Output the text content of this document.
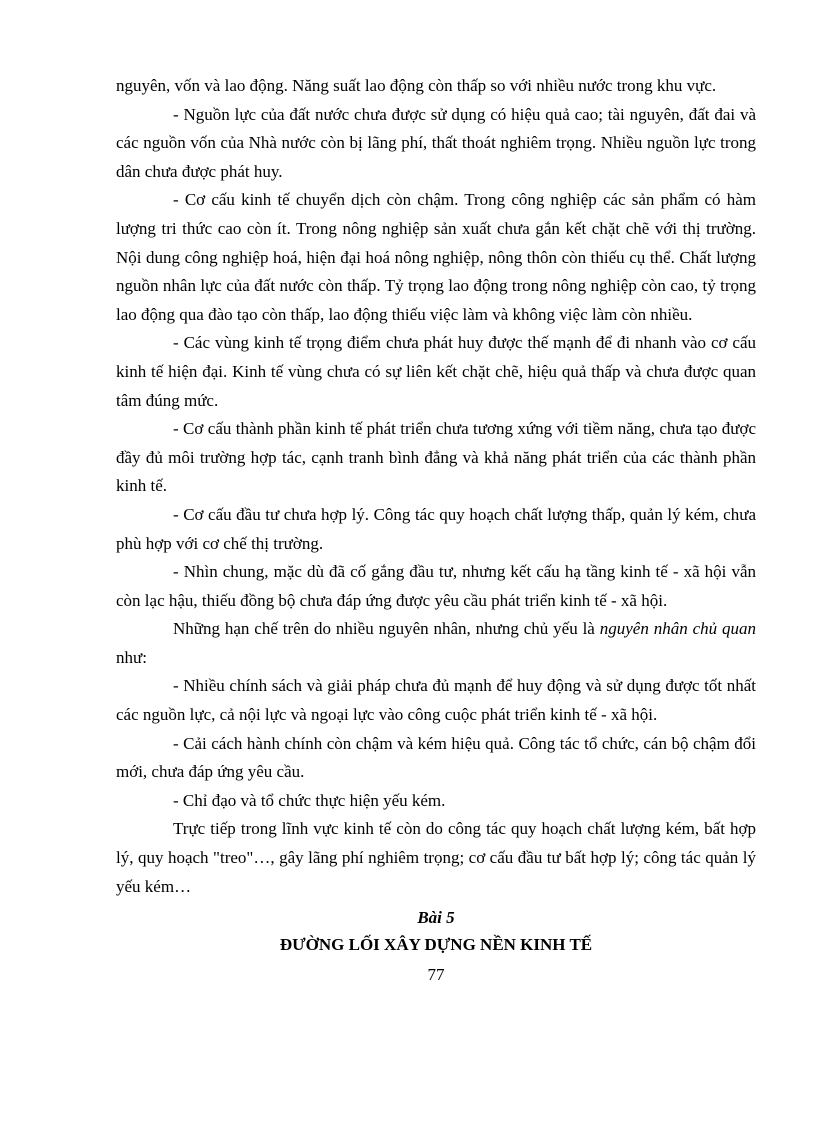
nguyên, vốn và lao động. Năng suất lao động còn thấp so với nhiều nước trong khu vực.

- Nguồn lực của đất nước chưa được sử dụng có hiệu quả cao; tài nguyên, đất đai và các nguồn vốn của Nhà nước còn bị lãng phí, thất thoát nghiêm trọng. Nhiều nguồn lực trong dân chưa được phát huy.

- Cơ cấu kinh tế chuyển dịch còn chậm. Trong công nghiệp các sản phẩm có hàm lượng tri thức cao còn ít. Trong nông nghiệp sản xuất chưa gắn kết chặt chẽ với thị trường. Nội dung công nghiệp hoá, hiện đại hoá nông nghiệp, nông thôn còn thiếu cụ thể. Chất lượng nguồn nhân lực của đất nước còn thấp. Tỷ trọng lao động trong nông nghiệp còn cao, tỷ trọng lao động qua đào tạo còn thấp, lao động thiếu việc làm và không việc làm còn nhiều.

- Các vùng kinh tế trọng điểm chưa phát huy được thế mạnh để đi nhanh vào cơ cấu kinh tế hiện đại. Kinh tế vùng chưa có sự liên kết chặt chẽ, hiệu quả thấp và chưa được quan tâm đúng mức.

- Cơ cấu thành phần kinh tế phát triển chưa tương xứng với tiềm năng, chưa tạo được đầy đủ môi trường hợp tác, cạnh tranh bình đẳng và khả năng phát triển của các thành phần kinh tế.

- Cơ cấu đầu tư chưa hợp lý. Công tác quy hoạch chất lượng thấp, quản lý kém, chưa phù hợp với cơ chế thị trường.

- Nhìn chung, mặc dù đã cố gắng đầu tư, nhưng kết cấu hạ tầng kinh tế - xã hội vẫn còn lạc hậu, thiếu đồng bộ chưa đáp ứng được yêu cầu phát triển kinh tế - xã hội.

Những hạn chế trên do nhiều nguyên nhân, nhưng chủ yếu là nguyên nhân chủ quan như:

- Nhiều chính sách và giải pháp chưa đủ mạnh để huy động và sử dụng được tốt nhất các nguồn lực, cả nội lực và ngoại lực vào công cuộc phát triển kinh tế - xã hội.

- Cải cách hành chính còn chậm và kém hiệu quả. Công tác tổ chức, cán bộ chậm đổi mới, chưa đáp ứng yêu cầu.

- Chỉ đạo và tổ chức thực hiện yếu kém.

Trực tiếp trong lĩnh vực kinh tế còn do công tác quy hoạch chất lượng kém, bất hợp lý, quy hoạch "treo"…, gây lãng phí nghiêm trọng; cơ cấu đầu tư bất hợp lý; công tác quản lý yếu kém…

Bài 5
ĐƯỜNG LỐI XÂY DỰNG NỀN KINH TẾ
77
